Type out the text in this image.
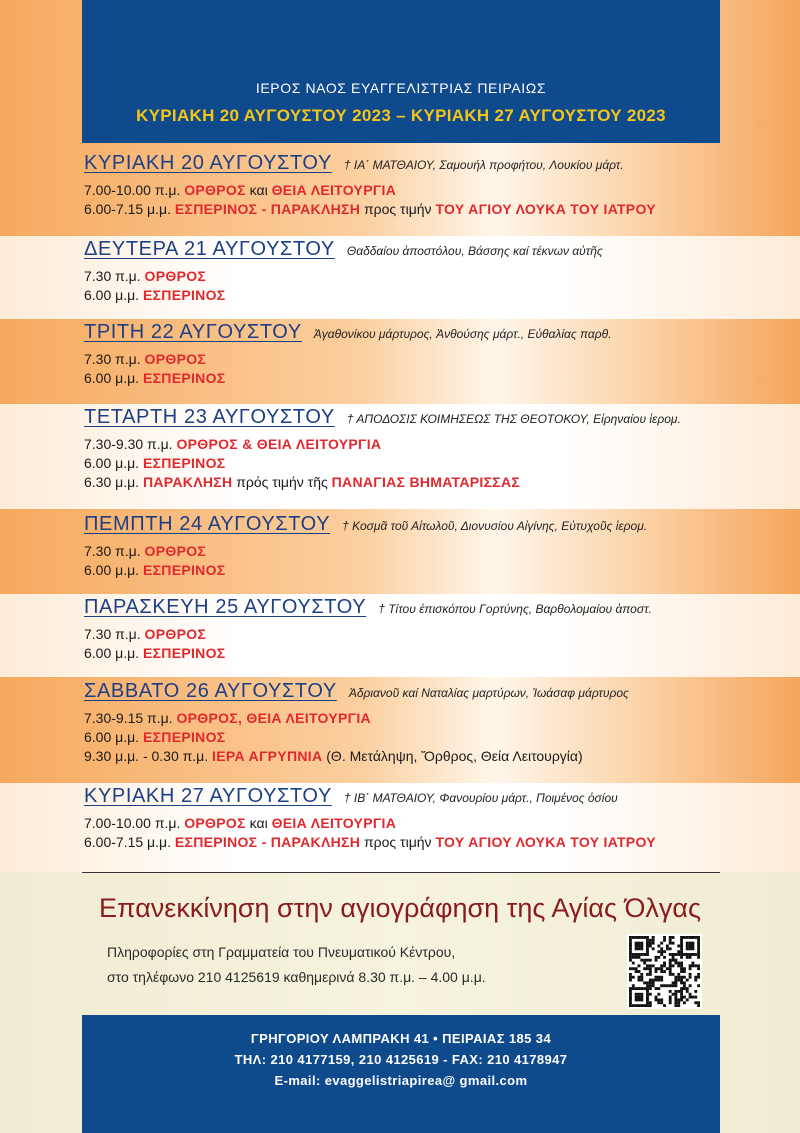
ΙΕΡΟΣ ΝΑΟΣ ΕΥΑΓΓΕΛΙΣΤΡΙΑΣ ΠΕΙΡΑΙΩΣ
ΚΥΡΙΑΚΗ 20 ΑΥΓΟΥΣΤΟΥ 2023 – ΚΥΡΙΑΚΗ 27 ΑΥΓΟΥΣΤΟΥ 2023
ΚΥΡΙΑΚΗ 20 ΑΥΓΟΥΣΤΟΥ † ΙΑ΄ ΜΑΤΘΑΙΟΥ, Σαμουήλ προφήτου, Λουκίου μάρτ.
7.00-10.00 π.μ. ΟΡΘΡΟΣ και ΘΕΙΑ ΛΕΙΤΟΥΡΓΙΑ
6.00-7.15 μ.μ. ΕΣΠΕΡΙΝΟΣ - ΠΑΡΑΚΛΗΣΗ προς τιμήν ΤΟΥ ΑΓΙΟΥ ΛΟΥΚΑ ΤΟΥ ΙΑΤΡΟΥ
ΔΕΥΤΕΡΑ 21 ΑΥΓΟΥΣΤΟΥ Θαδδαίου ἀποστόλου, Βάσσης καί τέκνων αὐτῆς
7.30 π.μ. ΟΡΘΡΟΣ
6.00 μ.μ. ΕΣΠΕΡΙΝΟΣ
ΤΡΙΤΗ 22 ΑΥΓΟΥΣΤΟΥ Ἀγαθονίκου μάρτυρος, Ἀνθούσης μάρτ., Εὐθαλίας παρθ.
7.30 π.μ. ΟΡΘΡΟΣ
6.00 μ.μ. ΕΣΠΕΡΙΝΟΣ
ΤΕΤΑΡΤΗ 23 ΑΥΓΟΥΣΤΟΥ † ΑΠΟΔΟΣΙΣ ΚΟΙΜΗΣΕΩΣ ΤΗΣ ΘΕΟΤΟΚΟΥ, Εἰρηναίου ἱερομ.
7.30-9.30 π.μ. ΟΡΘΡΟΣ & ΘΕΙΑ ΛΕΙΤΟΥΡΓΙΑ
6.00 μ.μ. ΕΣΠΕΡΙΝΟΣ
6.30 μ.μ. ΠΑΡΑΚΛΗΣΗ πρός τιμήν τῆς ΠΑΝΑΓΙΑΣ ΒΗΜΑΤΑΡΙΣΣΑΣ
ΠΕΜΠΤΗ 24 ΑΥΓΟΥΣΤΟΥ † Κοσμᾶ τοῦ Αἰτωλοῦ, Διονυσίου Αἰγίνης, Εὐτυχοῦς ἱερομ.
7.30 π.μ. ΟΡΘΡΟΣ
6.00 μ.μ. ΕΣΠΕΡΙΝΟΣ
ΠΑΡΑΣΚΕΥΗ 25 ΑΥΓΟΥΣΤΟΥ † Τίτου ἐπισκόπου Γορτύνης, Βαρθολομαίου ἀποστ.
7.30 π.μ. ΟΡΘΡΟΣ
6.00 μ.μ. ΕΣΠΕΡΙΝΟΣ
ΣΑΒΒΑΤΟ 26 ΑΥΓΟΥΣΤΟΥ Ἀδριανοῦ καί Ναταλίας μαρτύρων, Ἰωάσαφ μάρτυρος
7.30-9.15 π.μ. ΟΡΘΡΟΣ, ΘΕΙΑ ΛΕΙΤΟΥΡΓΙΑ
6.00 μ.μ. ΕΣΠΕΡΙΝΟΣ
9.30 μ.μ. - 0.30 π.μ. ΙΕΡΑ ΑΓΡΥΠΝΙΑ (Θ. Μετάληψη, Ὄρθρος, Θεία Λειτουργία)
ΚΥΡΙΑΚΗ 27 ΑΥΓΟΥΣΤΟΥ † ΙΒ΄ ΜΑΤΘΑΙΟΥ, Φανουρίου μάρτ., Ποιμένος ὁσίου
7.00-10.00 π.μ. ΟΡΘΡΟΣ και ΘΕΙΑ ΛΕΙΤΟΥΡΓΙΑ
6.00-7.15 μ.μ. ΕΣΠΕΡΙΝΟΣ - ΠΑΡΑΚΛΗΣΗ προς τιμήν ΤΟΥ ΑΓΙΟΥ ΛΟΥΚΑ ΤΟΥ ΙΑΤΡΟΥ
Επανεκκίνηση στην αγιογράφηση της Αγίας Όλγας
Πληροφορίες στη Γραμματεία του Πνευματικού Κέντρου,
στο τηλέφωνο 210 4125619 καθημερινά 8.30 π.μ. – 4.00 μ.μ.
ΓΡΗΓΟΡΙΟΥ ΛΑΜΠΡΑΚΗ 41 • ΠΕΙΡΑΙΑΣ 185 34
ΤΗΛ: 210 4177159, 210 4125619 - FAX: 210 4178947
E-mail: evaggelistriapirea@ gmail.com
